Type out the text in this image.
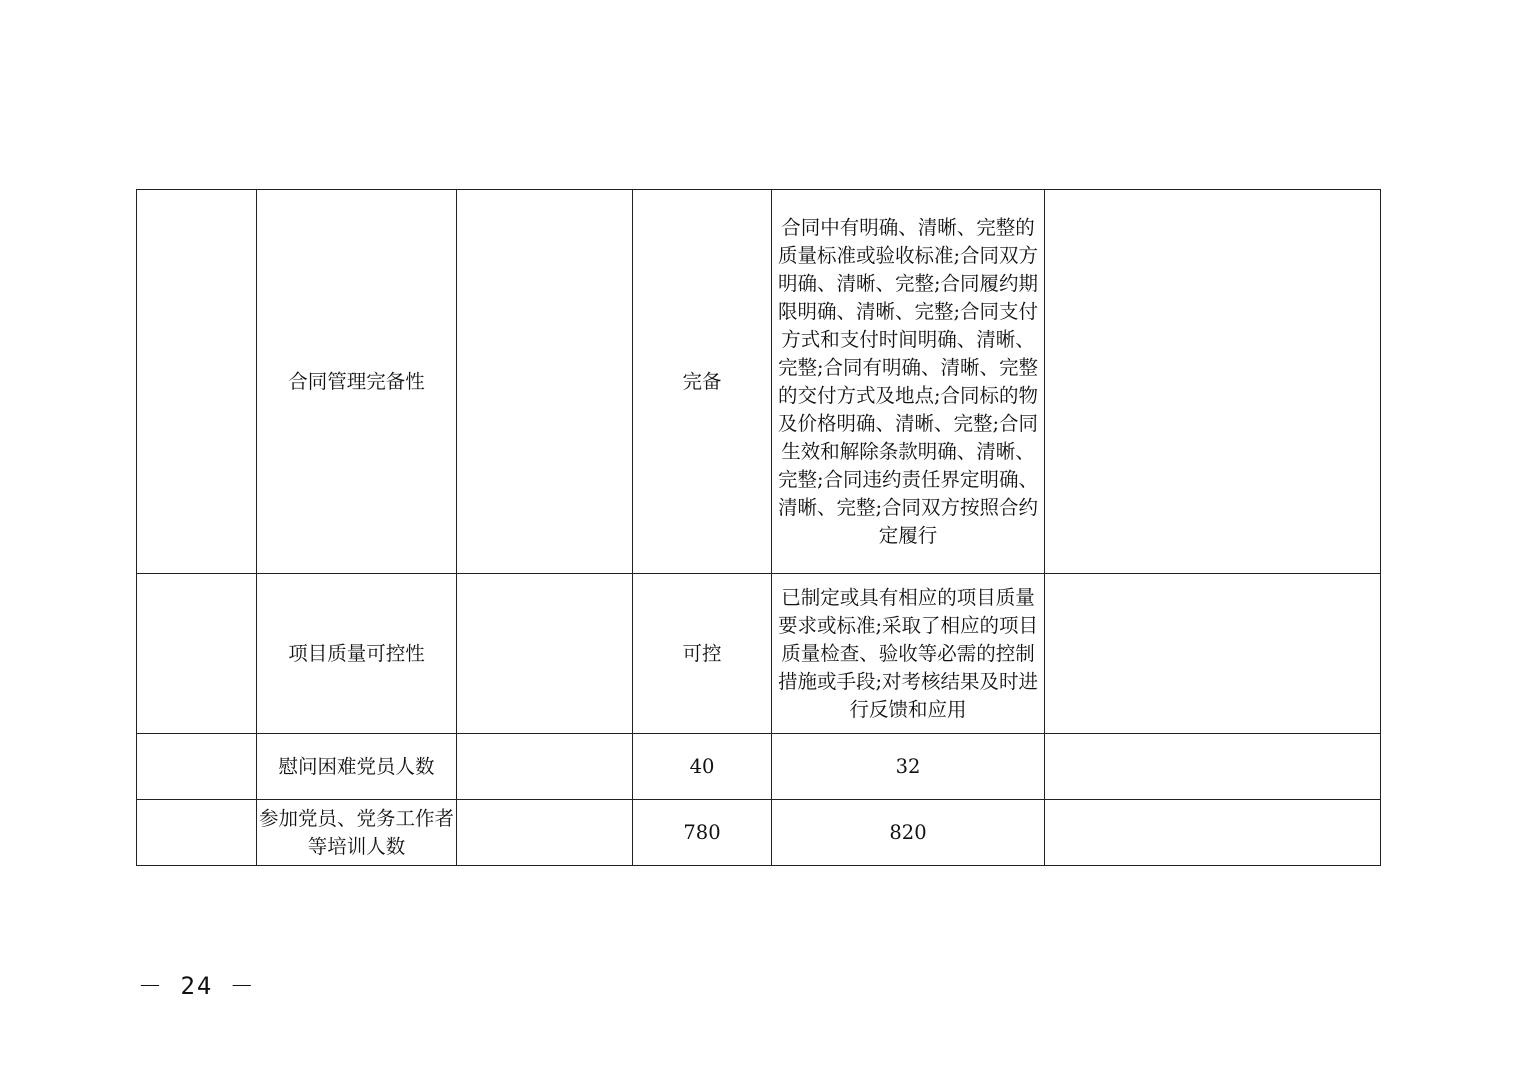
	合同管理完备性		完备	合同中有明确、清晰、完整的质量标准或验收标准;合同双方明确、清晰、完整;合同履约期限明确、清晰、完整;合同支付方式和支付时间明确、清晰、完整;合同有明确、清晰、完整的交付方式及地点;合同标的物及价格明确、清晰、完整;合同生效和解除条款明确、清晰、完整;合同违约责任界定明确、清晰、完整;合同双方按照合约定履行	
	项目质量可控性		可控	已制定或具有相应的项目质量要求或标准;采取了相应的项目质量检查、验收等必需的控制措施或手段;对考核结果及时进行反馈和应用	
	慰问困难党员人数		40	32	
	参加党员、党务工作者等培训人数		780	820	
－ 24 －
